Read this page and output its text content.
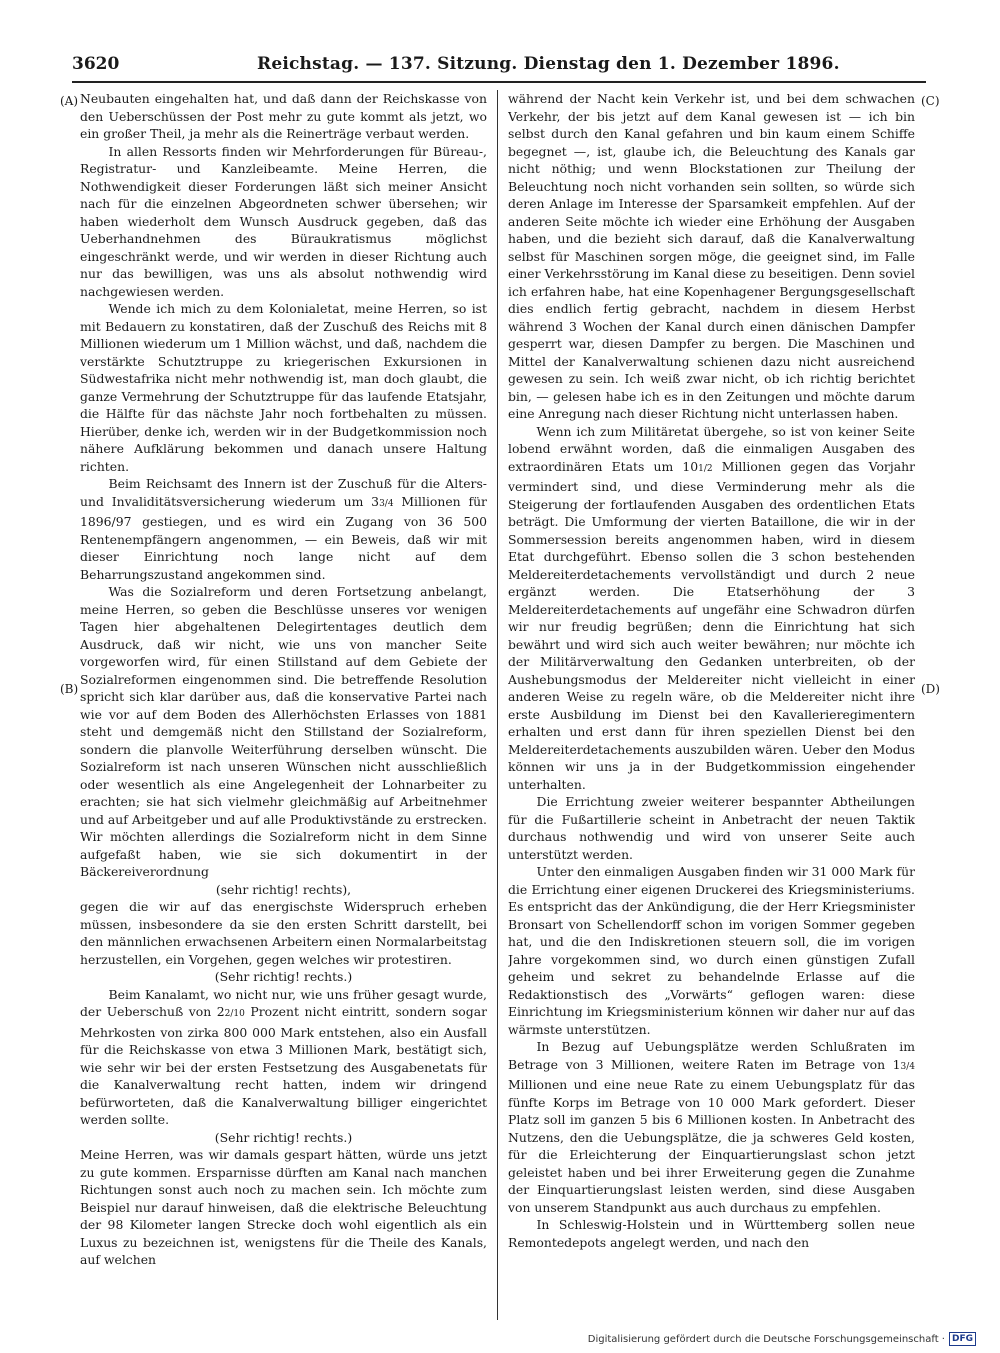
3620	Reichstag. — 137. Sitzung. Dienstag den 1. Dezember 1896.
(A)
(B)
(C)
(D)

Neubauten eingehalten hat, und daß dann der Reichskasse von den Ueberschüssen der Post mehr zu gute kommt als jetzt, wo ein großer Theil, ja mehr als die Reinerträge verbaut werden.

In allen Ressorts finden wir Mehrforderungen für Büreau-, Registratur- und Kanzleibeamte. Meine Herren, die Nothwendigkeit dieser Forderungen läßt sich meiner Ansicht nach für die einzelnen Abgeordneten schwer übersehen; wir haben wiederholt dem Wunsch Ausdruck gegeben, daß das Ueberhandnehmen des Büraukratismus möglichst eingeschränkt werde, und wir werden in dieser Richtung auch nur das bewilligen, was uns als absolut nothwendig wird nachgewiesen werden.

Wende ich mich zu dem Kolonialetat, meine Herren, so ist mit Bedauern zu konstatiren, daß der Zuschuß des Reichs mit 8 Millionen wiederum um 1 Million wächst, und daß, nachdem die verstärkte Schutztruppe zu kriegerischen Exkursionen in Südwestafrika nicht mehr nothwendig ist, man doch glaubt, die ganze Vermehrung der Schutztruppe für das laufende Etatsjahr, die Hälfte für das nächste Jahr noch fortbehalten zu müssen. Hierüber, denke ich, werden wir in der Budgetkommission noch nähere Aufklärung bekommen und danach unsere Haltung richten.

Beim Reichsamt des Innern ist der Zuschuß für die Alters- und Invaliditätsversicherung wiederum um 33/4 Millionen für 1896/97 gestiegen, und es wird ein Zugang von 36 500 Rentenempfängern angenommen, — ein Beweis, daß wir mit dieser Einrichtung noch lange nicht auf dem Beharrungszustand angekommen sind.

Was die Sozialreform und deren Fortsetzung anbelangt, meine Herren, so geben die Beschlüsse unseres vor wenigen Tagen hier abgehaltenen Delegirtentages deutlich dem Ausdruck, daß wir nicht, wie uns von mancher Seite vorgeworfen wird, für einen Stillstand auf dem Gebiete der Sozialreformen eingenommen sind. Die betreffende Resolution spricht sich klar darüber aus, daß die konservative Partei nach wie vor auf dem Boden des Allerhöchsten Erlasses von 1881 steht und demgemäß nicht den Stillstand der Sozialreform, sondern die planvolle Weiterführung derselben wünscht. Die Sozialreform ist nach unseren Wünschen nicht ausschließlich oder wesentlich als eine Angelegenheit der Lohnarbeiter zu erachten; sie hat sich vielmehr gleichmäßig auf Arbeitnehmer und auf Arbeitgeber und auf alle Produktivstände zu erstrecken. Wir möchten allerdings die Sozialreform nicht in dem Sinne aufgefaßt haben, wie sie sich dokumentirt in der Bäckereiverordnung

(sehr richtig! rechts),

gegen die wir auf das energischste Widerspruch erheben müssen, insbesondere da sie den ersten Schritt darstellt, bei den männlichen erwachsenen Arbeitern einen Normalarbeitstag herzustellen, ein Vorgehen, gegen welches wir protestiren.

(Sehr richtig! rechts.)

Beim Kanalamt, wo nicht nur, wie uns früher gesagt wurde, der Ueberschuß von 22/10 Prozent nicht eintritt, sondern sogar Mehrkosten von zirka 800 000 Mark entstehen, also ein Ausfall für die Reichskasse von etwa 3 Millionen Mark, bestätigt sich, wie sehr wir bei der ersten Festsetzung des Ausgabenetats für die Kanalverwaltung recht hatten, indem wir dringend befürworteten, daß die Kanalverwaltung billiger eingerichtet werden sollte.

(Sehr richtig! rechts.)

Meine Herren, was wir damals gespart hätten, würde uns jetzt zu gute kommen. Ersparnisse dürften am Kanal nach manchen Richtungen sonst auch noch zu machen sein. Ich möchte zum Beispiel nur darauf hinweisen, daß die elektrische Beleuchtung der 98 Kilometer langen Strecke doch wohl eigentlich als ein Luxus zu bezeichnen ist, wenigstens für die Theile des Kanals, auf welchen

während der Nacht kein Verkehr ist, und bei dem schwachen Verkehr, der bis jetzt auf dem Kanal gewesen ist — ich bin selbst durch den Kanal gefahren und bin kaum einem Schiffe begegnet —, ist, glaube ich, die Beleuchtung des Kanals gar nicht nöthig; und wenn Blockstationen zur Theilung der Beleuchtung noch nicht vorhanden sein sollten, so würde sich deren Anlage im Interesse der Sparsamkeit empfehlen. Auf der anderen Seite möchte ich wieder eine Erhöhung der Ausgaben haben, und die bezieht sich darauf, daß die Kanalverwaltung selbst für Maschinen sorgen möge, die geeignet sind, im Falle einer Verkehrsstörung im Kanal diese zu beseitigen. Denn soviel ich erfahren habe, hat eine Kopenhagener Bergungsgesellschaft dies endlich fertig gebracht, nachdem in diesem Herbst während 3 Wochen der Kanal durch einen dänischen Dampfer gesperrt war, diesen Dampfer zu bergen. Die Maschinen und Mittel der Kanalverwaltung schienen dazu nicht ausreichend gewesen zu sein. Ich weiß zwar nicht, ob ich richtig berichtet bin, — gelesen habe ich es in den Zeitungen und möchte darum eine Anregung nach dieser Richtung nicht unterlassen haben.

Wenn ich zum Militäretat übergehe, so ist von keiner Seite lobend erwähnt worden, daß die einmaligen Ausgaben des extraordinären Etats um 101/2 Millionen gegen das Vorjahr vermindert sind, und diese Verminderung mehr als die Steigerung der fortlaufenden Ausgaben des ordentlichen Etats beträgt. Die Umformung der vierten Bataillone, die wir in der Sommersession bereits angenommen haben, wird in diesem Etat durchgeführt. Ebenso sollen die 3 schon bestehenden Meldereiterdetachements vervollständigt und durch 2 neue ergänzt werden. Die Etatserhöhung der 3 Meldereiterdetachements auf ungefähr eine Schwadron dürfen wir nur freudig begrüßen; denn die Einrichtung hat sich bewährt und wird sich auch weiter bewähren; nur möchte ich der Militärverwaltung den Gedanken unterbreiten, ob der Aushebungsmodus der Meldereiter nicht vielleicht in einer anderen Weise zu regeln wäre, ob die Meldereiter nicht ihre erste Ausbildung im Dienst bei den Kavallerieregimentern erhalten und erst dann für ihren speziellen Dienst bei den Meldereiterdetachements auszubilden wären. Ueber den Modus können wir uns ja in der Budgetkommission eingehender unterhalten.

Die Errichtung zweier weiterer bespannter Abtheilungen für die Fußartillerie scheint in Anbetracht der neuen Taktik durchaus nothwendig und wird von unserer Seite auch unterstützt werden.

Unter den einmaligen Ausgaben finden wir 31 000 Mark für die Errichtung einer eigenen Druckerei des Kriegsministeriums. Es entspricht das der Ankündigung, die der Herr Kriegsminister Bronsart von Schellendorff schon im vorigen Sommer gegeben hat, und die den Indiskretionen steuern soll, die im vorigen Jahre vorgekommen sind, wo durch einen günstigen Zufall geheim und sekret zu behandelnde Erlasse auf die Redaktionstisch des „Vorwärts“ geflogen waren: diese Einrichtung im Kriegsministerium können wir daher nur auf das wärmste unterstützen.

In Bezug auf Uebungsplätze werden Schlußraten im Betrage von 3 Millionen, weitere Raten im Betrage von 13/4 Millionen und eine neue Rate zu einem Uebungsplatz für das fünfte Korps im Betrage von 10 000 Mark gefordert. Dieser Platz soll im ganzen 5 bis 6 Millionen kosten. In Anbetracht des Nutzens, den die Uebungsplätze, die ja schweres Geld kosten, für die Erleichterung der Einquartierungslast schon jetzt geleistet haben und bei ihrer Erweiterung gegen die Zunahme der Einquartierungslast leisten werden, sind diese Ausgaben von unserem Standpunkt aus auch durchaus zu empfehlen.

In Schleswig-Holstein und in Württemberg sollen neue Remontedepots angelegt werden, und nach den

Digitalisierung gefördert durch die Deutsche Forschungsgemeinschaft · DFG
